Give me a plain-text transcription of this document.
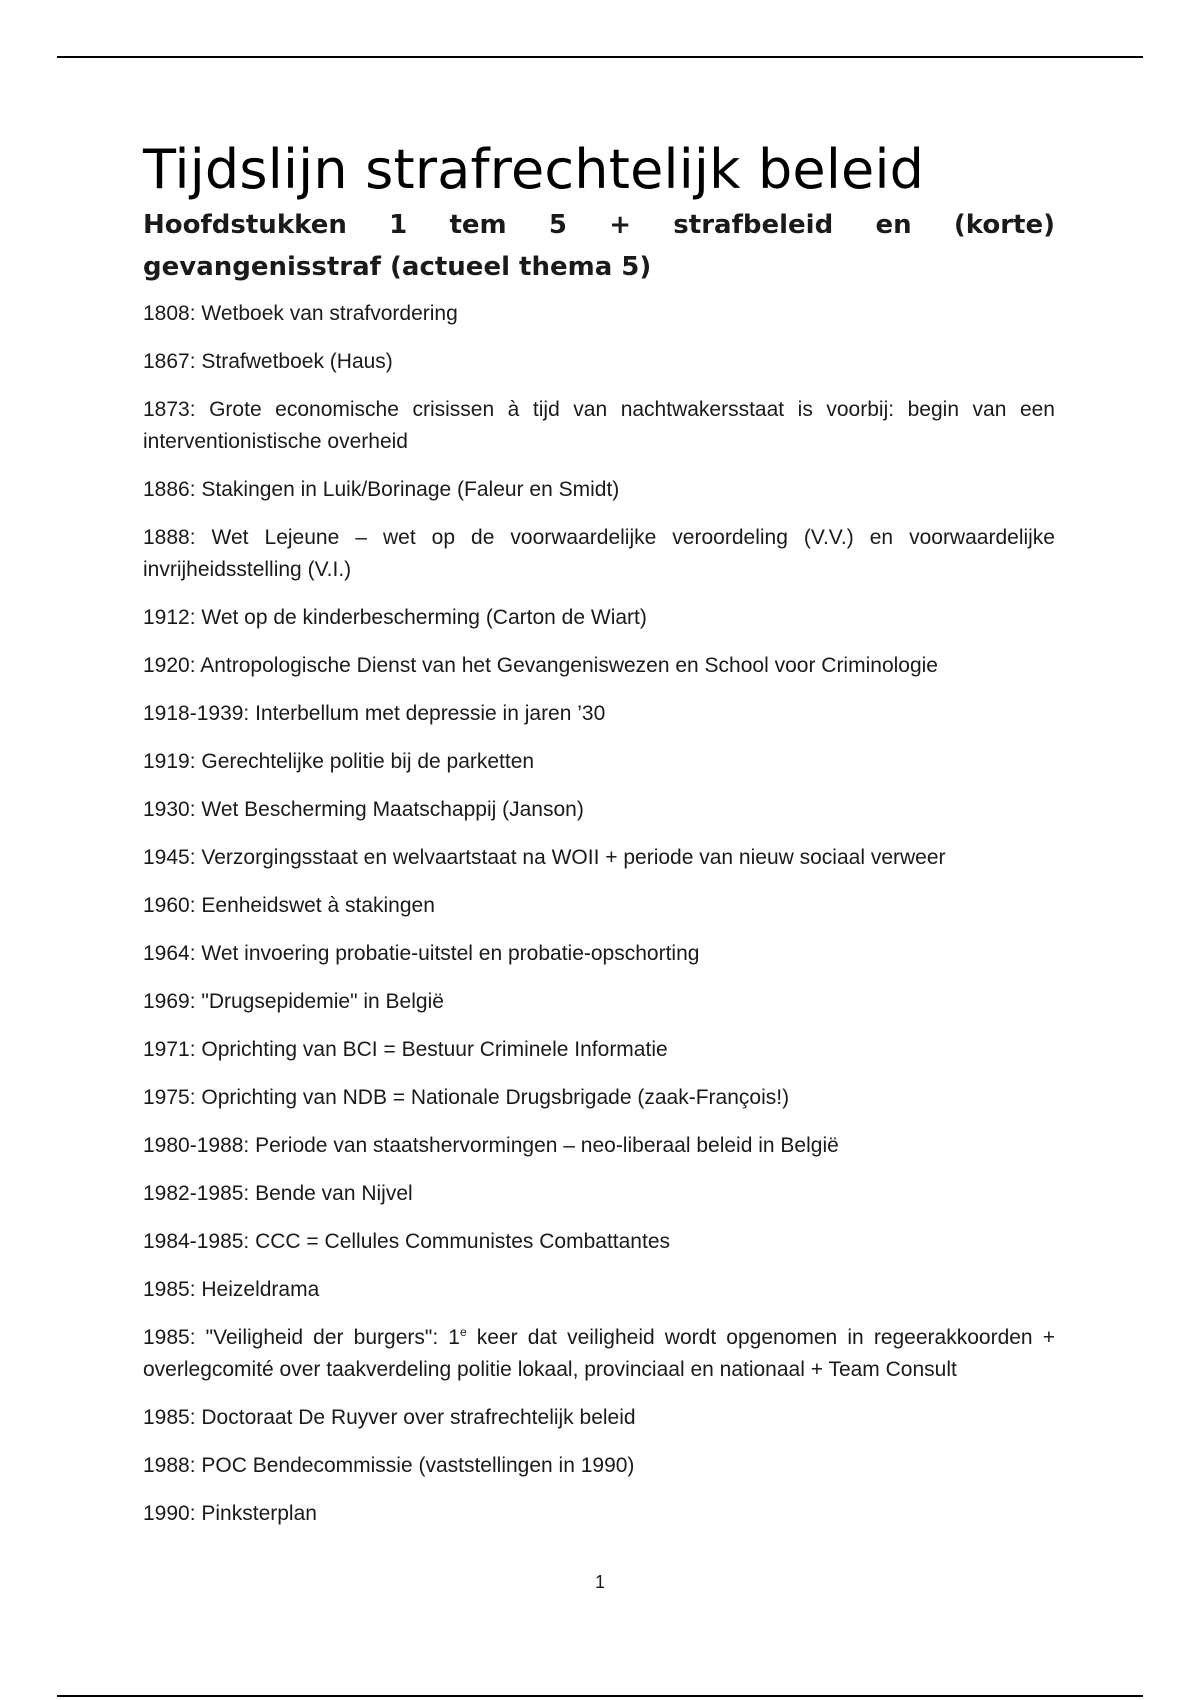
Tijdslijn strafrechtelijk beleid
Hoofdstukken 1 tem 5 + strafbeleid en (korte) gevangenisstraf (actueel thema 5)
1808: Wetboek van strafvordering
1867: Strafwetboek (Haus)
1873: Grote economische crisissen à tijd van nachtwakersstaat is voorbij: begin van een interventionistische overheid
1886: Stakingen in Luik/Borinage (Faleur en Smidt)
1888: Wet Lejeune – wet op de voorwaardelijke veroordeling (V.V.) en voorwaardelijke invrijheidsstelling (V.I.)
1912: Wet op de kinderbescherming (Carton de Wiart)
1920: Antropologische Dienst van het Gevangeniswezen en School voor Criminologie
1918-1939: Interbellum met depressie in jaren ’30
1919: Gerechtelijke politie bij de parketten
1930: Wet Bescherming Maatschappij (Janson)
1945: Verzorgingsstaat en welvaartstaat na WOII + periode van nieuw sociaal verweer
1960: Eenheidswet à stakingen
1964: Wet invoering probatie-uitstel en probatie-opschorting
1969: "Drugsepidemie" in België
1971: Oprichting van BCI = Bestuur Criminele Informatie
1975: Oprichting van NDB = Nationale Drugsbrigade (zaak-François!)
1980-1988: Periode van staatshervormingen – neo-liberaal beleid in België
1982-1985: Bende van Nijvel
1984-1985: CCC = Cellules Communistes Combattantes
1985: Heizeldrama
1985: "Veiligheid der burgers": 1e keer dat veiligheid wordt opgenomen in regeerakkoorden + overlegcomité over taakverdeling politie lokaal, provinciaal en nationaal + Team Consult
1985: Doctoraat De Ruyver over strafrechtelijk beleid
1988: POC Bendecommissie (vaststellingen in 1990)
1990: Pinksterplan
1
